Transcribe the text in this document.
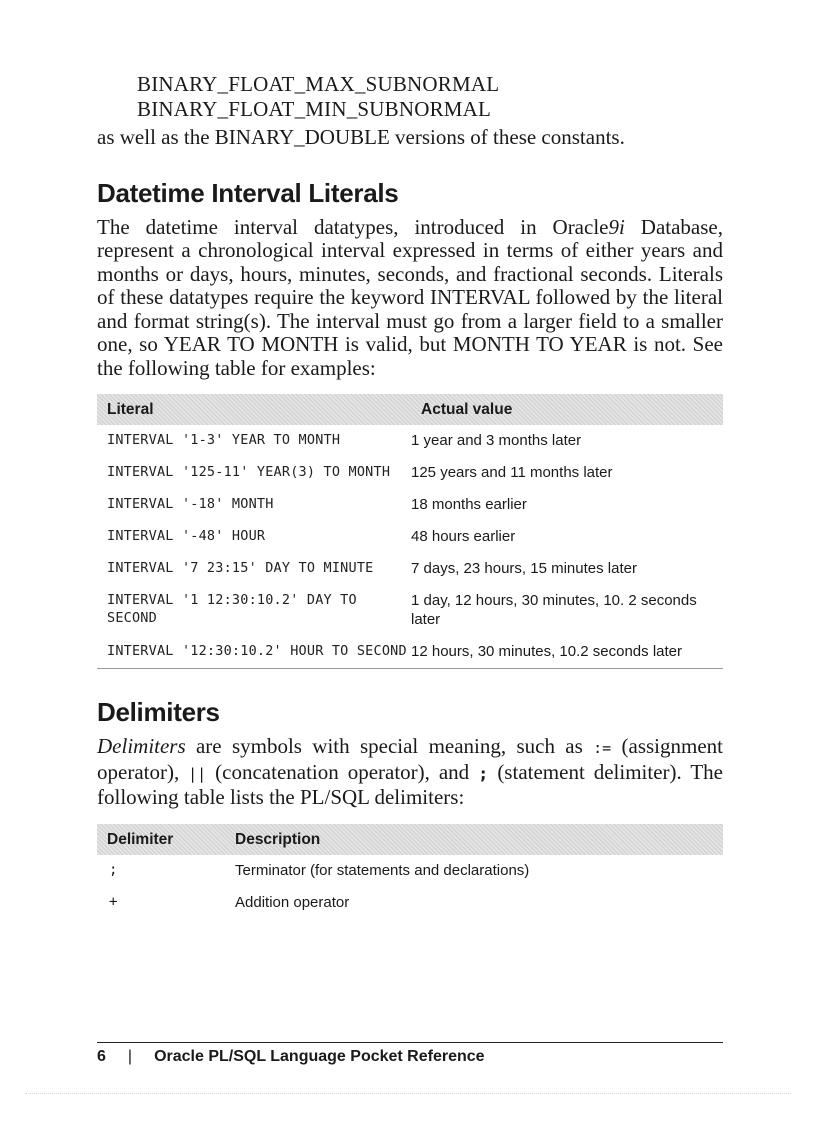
BINARY_FLOAT_MAX_SUBNORMAL
BINARY_FLOAT_MIN_SUBNORMAL

as well as the BINARY_DOUBLE versions of these constants.

Datetime Interval Literals

The datetime interval datatypes, introduced in Oracle9i Database, represent a chronological interval expressed in terms of either years and months or days, hours, minutes, seconds, and fractional seconds. Literals of these datatypes require the keyword INTERVAL followed by the literal and format string(s). The interval must go from a larger field to a smaller one, so YEAR TO MONTH is valid, but MONTH TO YEAR is not. See the following table for examples:

Literal	Actual value
INTERVAL '1-3' YEAR TO MONTH	1 year and 3 months later
INTERVAL '125-11' YEAR(3) TO MONTH	125 years and 11 months later
INTERVAL '-18' MONTH	18 months earlier
INTERVAL '-48' HOUR	48 hours earlier
INTERVAL '7 23:15' DAY TO MINUTE	7 days, 23 hours, 15 minutes later
INTERVAL '1 12:30:10.2' DAY TO SECOND	1 day, 12 hours, 30 minutes, 10. 2 seconds later
INTERVAL '12:30:10.2' HOUR TO SECOND	12 hours, 30 minutes, 10.2 seconds later
Delimiters

Delimiters are symbols with special meaning, such as := (assignment operator), || (concatenation operator), and ; (statement delimiter). The following table lists the PL/SQL delimiters:

Delimiter	Description
;	Terminator (for statements and declarations)
+	Addition operator
6 | Oracle PL/SQL Language Pocket Reference
